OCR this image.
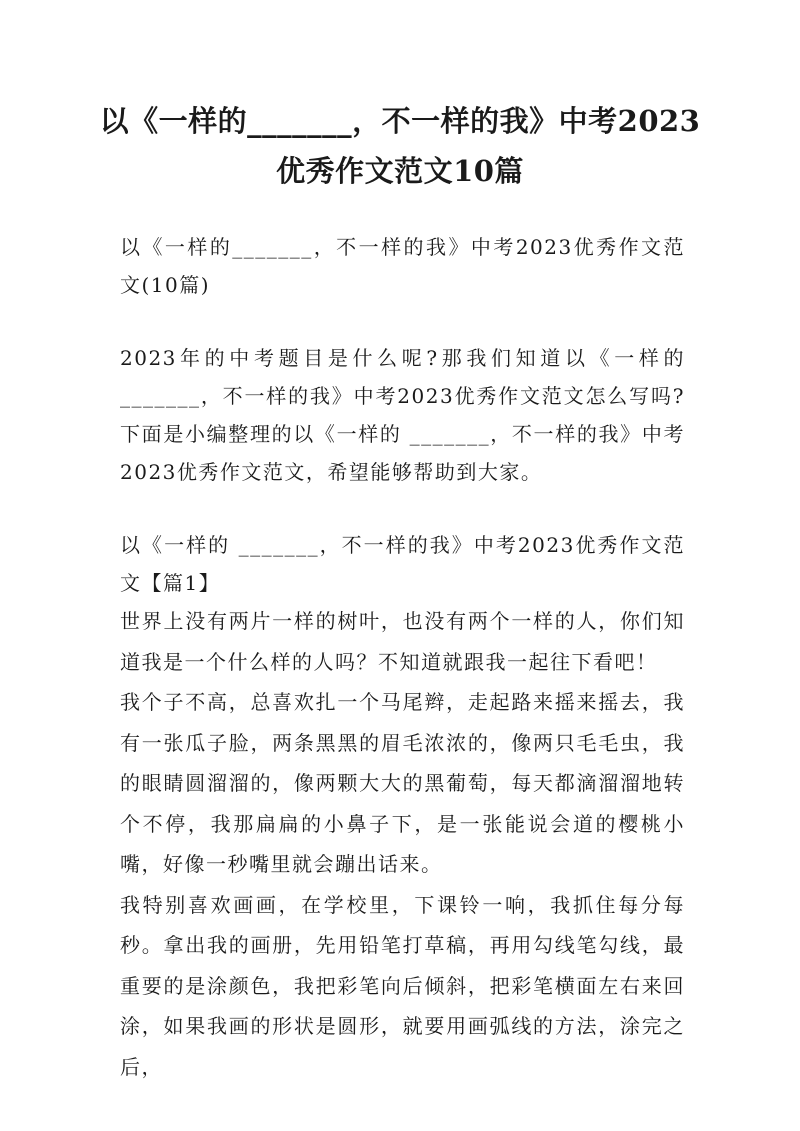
以《一样的_______，不一样的我》中考2023优秀作文范文10篇
以《一样的_______，不一样的我》中考2023优秀作文范文(10篇)
2023年的中考题目是什么呢?那我们知道以《一样的_______，不一样的我》中考2023优秀作文范文怎么写吗?下面是小编整理的以《一样的 _______，不一样的我》中考2023优秀作文范文，希望能够帮助到大家。
以《一样的 _______，不一样的我》中考2023优秀作文范文【篇1】

世界上没有两片一样的树叶，也没有两个一样的人，你们知道我是一个什么样的人吗？不知道就跟我一起往下看吧！

我个子不高，总喜欢扎一个马尾辫，走起路来摇来摇去，我有一张瓜子脸，两条黑黑的眉毛浓浓的，像两只毛毛虫，我的眼睛圆溜溜的，像两颗大大的黑葡萄，每天都滴溜溜地转个不停，我那扁扁的小鼻子下，是一张能说会道的樱桃小嘴，好像一秒嘴里就会蹦出话来。

我特别喜欢画画，在学校里，下课铃一响，我抓住每分每秒。拿出我的画册，先用铅笔打草稿，再用勾线笔勾线，最重要的是涂颜色，我把彩笔向后倾斜，把彩笔横面左右来回涂，如果我画的形状是圆形，就要用画弧线的方法，涂完之后，
